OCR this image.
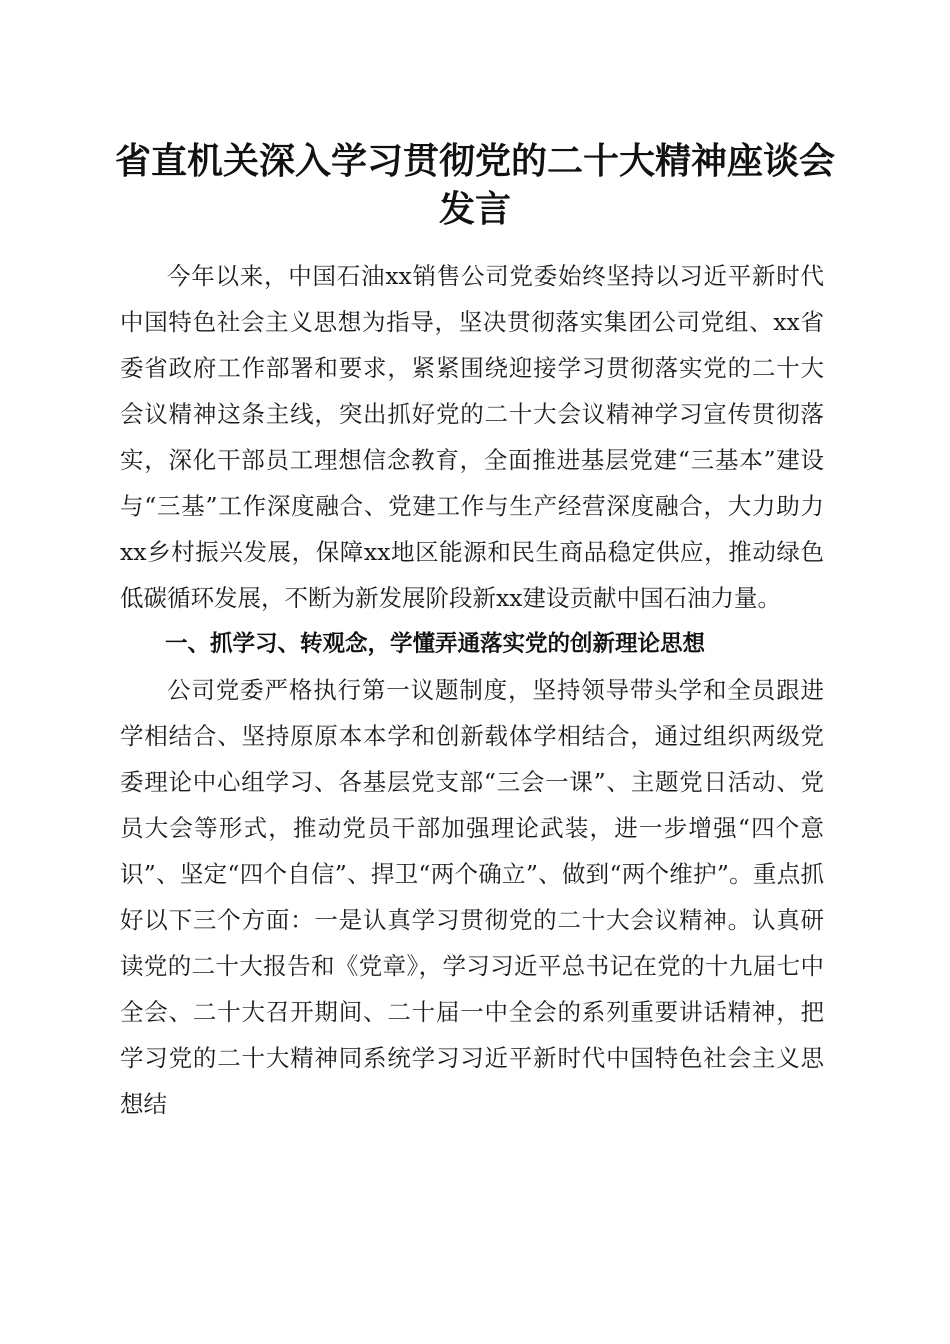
省直机关深入学习贯彻党的二十大精神座谈会
发言

今年以来，中国石油xx销售公司党委始终坚持以习近平新时代中国特色社会主义思想为指导，坚决贯彻落实集团公司党组、xx省委省政府工作部署和要求，紧紧围绕迎接学习贯彻落实党的二十大会议精神这条主线，突出抓好党的二十大会议精神学习宣传贯彻落实，深化干部员工理想信念教育，全面推进基层党建“三基本”建设与“三基”工作深度融合、党建工作与生产经营深度融合，大力助力xx乡村振兴发展，保障xx地区能源和民生商品稳定供应，推动绿色低碳循环发展，不断为新发展阶段新xx建设贡献中国石油力量。

一、抓学习、转观念，学懂弄通落实党的创新理论思想

公司党委严格执行第一议题制度，坚持领导带头学和全员跟进学相结合、坚持原原本本学和创新载体学相结合，通过组织两级党委理论中心组学习、各基层党支部“三会一课”、主题党日活动、党员大会等形式，推动党员干部加强理论武装，进一步增强“四个意识”、坚定“四个自信”、捍卫“两个确立”、做到“两个维护”。重点抓好以下三个方面：一是认真学习贯彻党的二十大会议精神。认真研读党的二十大报告和《党章》，学习习近平总书记在党的十九届七中全会、二十大召开期间、二十届一中全会的系列重要讲话精神，把学习党的二十大精神同系统学习习近平新时代中国特色社会主义思想结
